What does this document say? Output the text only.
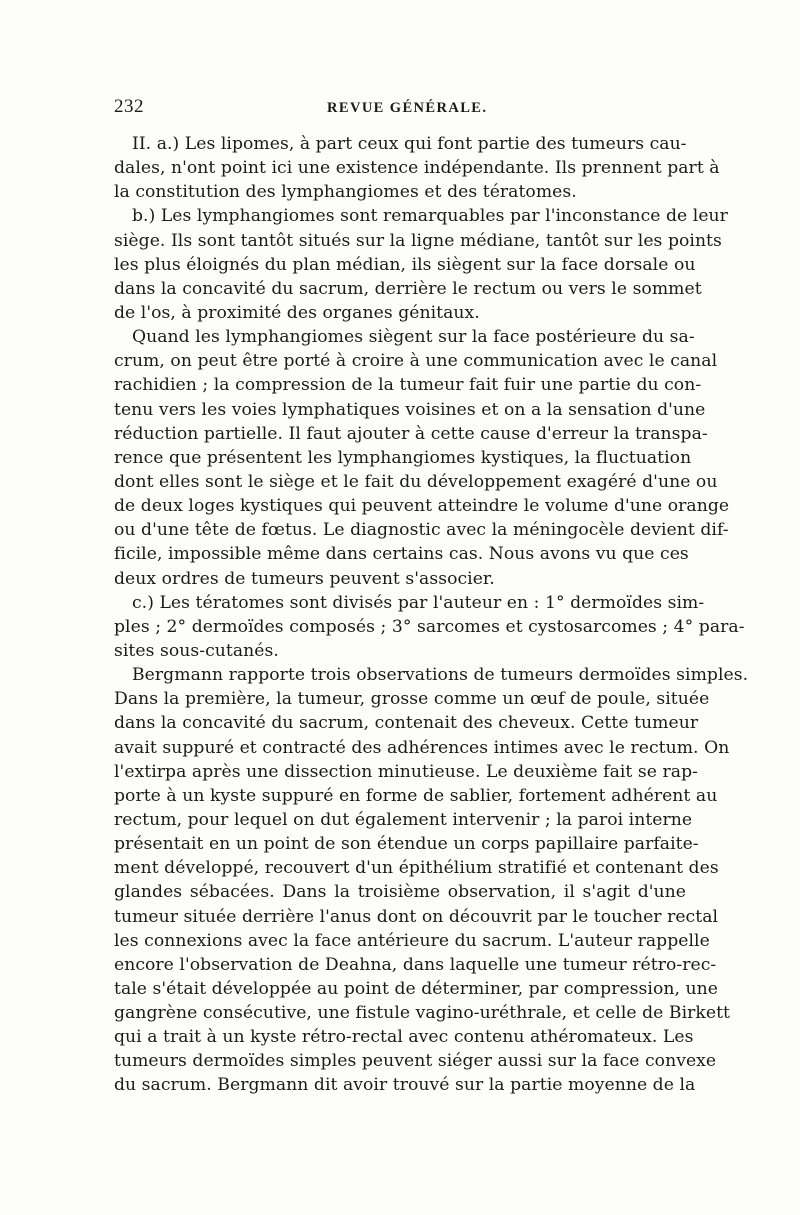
232	REVUE GÉNÉRALE.
II. a.) Les lipomes, à part ceux qui font partie des tumeurs cau-
dales, n'ont point ici une existence indépendante. Ils prennent part à
la constitution des lymphangiomes et des tératomes.
b.) Les lymphangiomes sont remarquables par l'inconstance de leur
siège. Ils sont tantôt situés sur la ligne médiane, tantôt sur les points
les plus éloignés du plan médian, ils siègent sur la face dorsale ou
dans la concavité du sacrum, derrière le rectum ou vers le sommet
de l'os, à proximité des organes génitaux.
Quand les lymphangiomes siègent sur la face postérieure du sa-
crum, on peut être porté à croire à une communication avec le canal
rachidien ; la compression de la tumeur fait fuir une partie du con-
tenu vers les voies lymphatiques voisines et on a la sensation d'une
réduction partielle. Il faut ajouter à cette cause d'erreur la transpa-
rence que présentent les lymphangiomes kystiques, la fluctuation
dont elles sont le siège et le fait du développement exagéré d'une ou
de deux loges kystiques qui peuvent atteindre le volume d'une orange
ou d'une tête de fœtus. Le diagnostic avec la méningocèle devient dif-
ficile, impossible même dans certains cas. Nous avons vu que ces
deux ordres de tumeurs peuvent s'associer.
c.) Les tératomes sont divisés par l'auteur en : 1° dermoïdes sim-
ples ; 2° dermoïdes composés ; 3° sarcomes et cystosarcomes ; 4° para-
sites sous-cutanés.
Bergmann rapporte trois observations de tumeurs dermoïdes simples.
Dans la première, la tumeur, grosse comme un œuf de poule, située
dans la concavité du sacrum, contenait des cheveux. Cette tumeur
avait suppuré et contracté des adhérences intimes avec le rectum. On
l'extirpa après une dissection minutieuse. Le deuxième fait se rap-
porte à un kyste suppuré en forme de sablier, fortement adhérent au
rectum, pour lequel on dut également intervenir ; la paroi interne
présentait en un point de son étendue un corps papillaire parfaite-
ment développé, recouvert d'un épithélium stratifié et contenant des
glandes sébacées. Dans la troisième observation, il s'agit d'une
tumeur située derrière l'anus dont on découvrit par le toucher rectal
les connexions avec la face antérieure du sacrum. L'auteur rappelle
encore l'observation de Deahna, dans laquelle une tumeur rétro-rec-
tale s'était développée au point de déterminer, par compression, une
gangrène consécutive, une fistule vagino-uréthrale, et celle de Birkett
qui a trait à un kyste rétro-rectal avec contenu athéromateux. Les
tumeurs dermoïdes simples peuvent siéger aussi sur la face convexe
du sacrum. Bergmann dit avoir trouvé sur la partie moyenne de la
